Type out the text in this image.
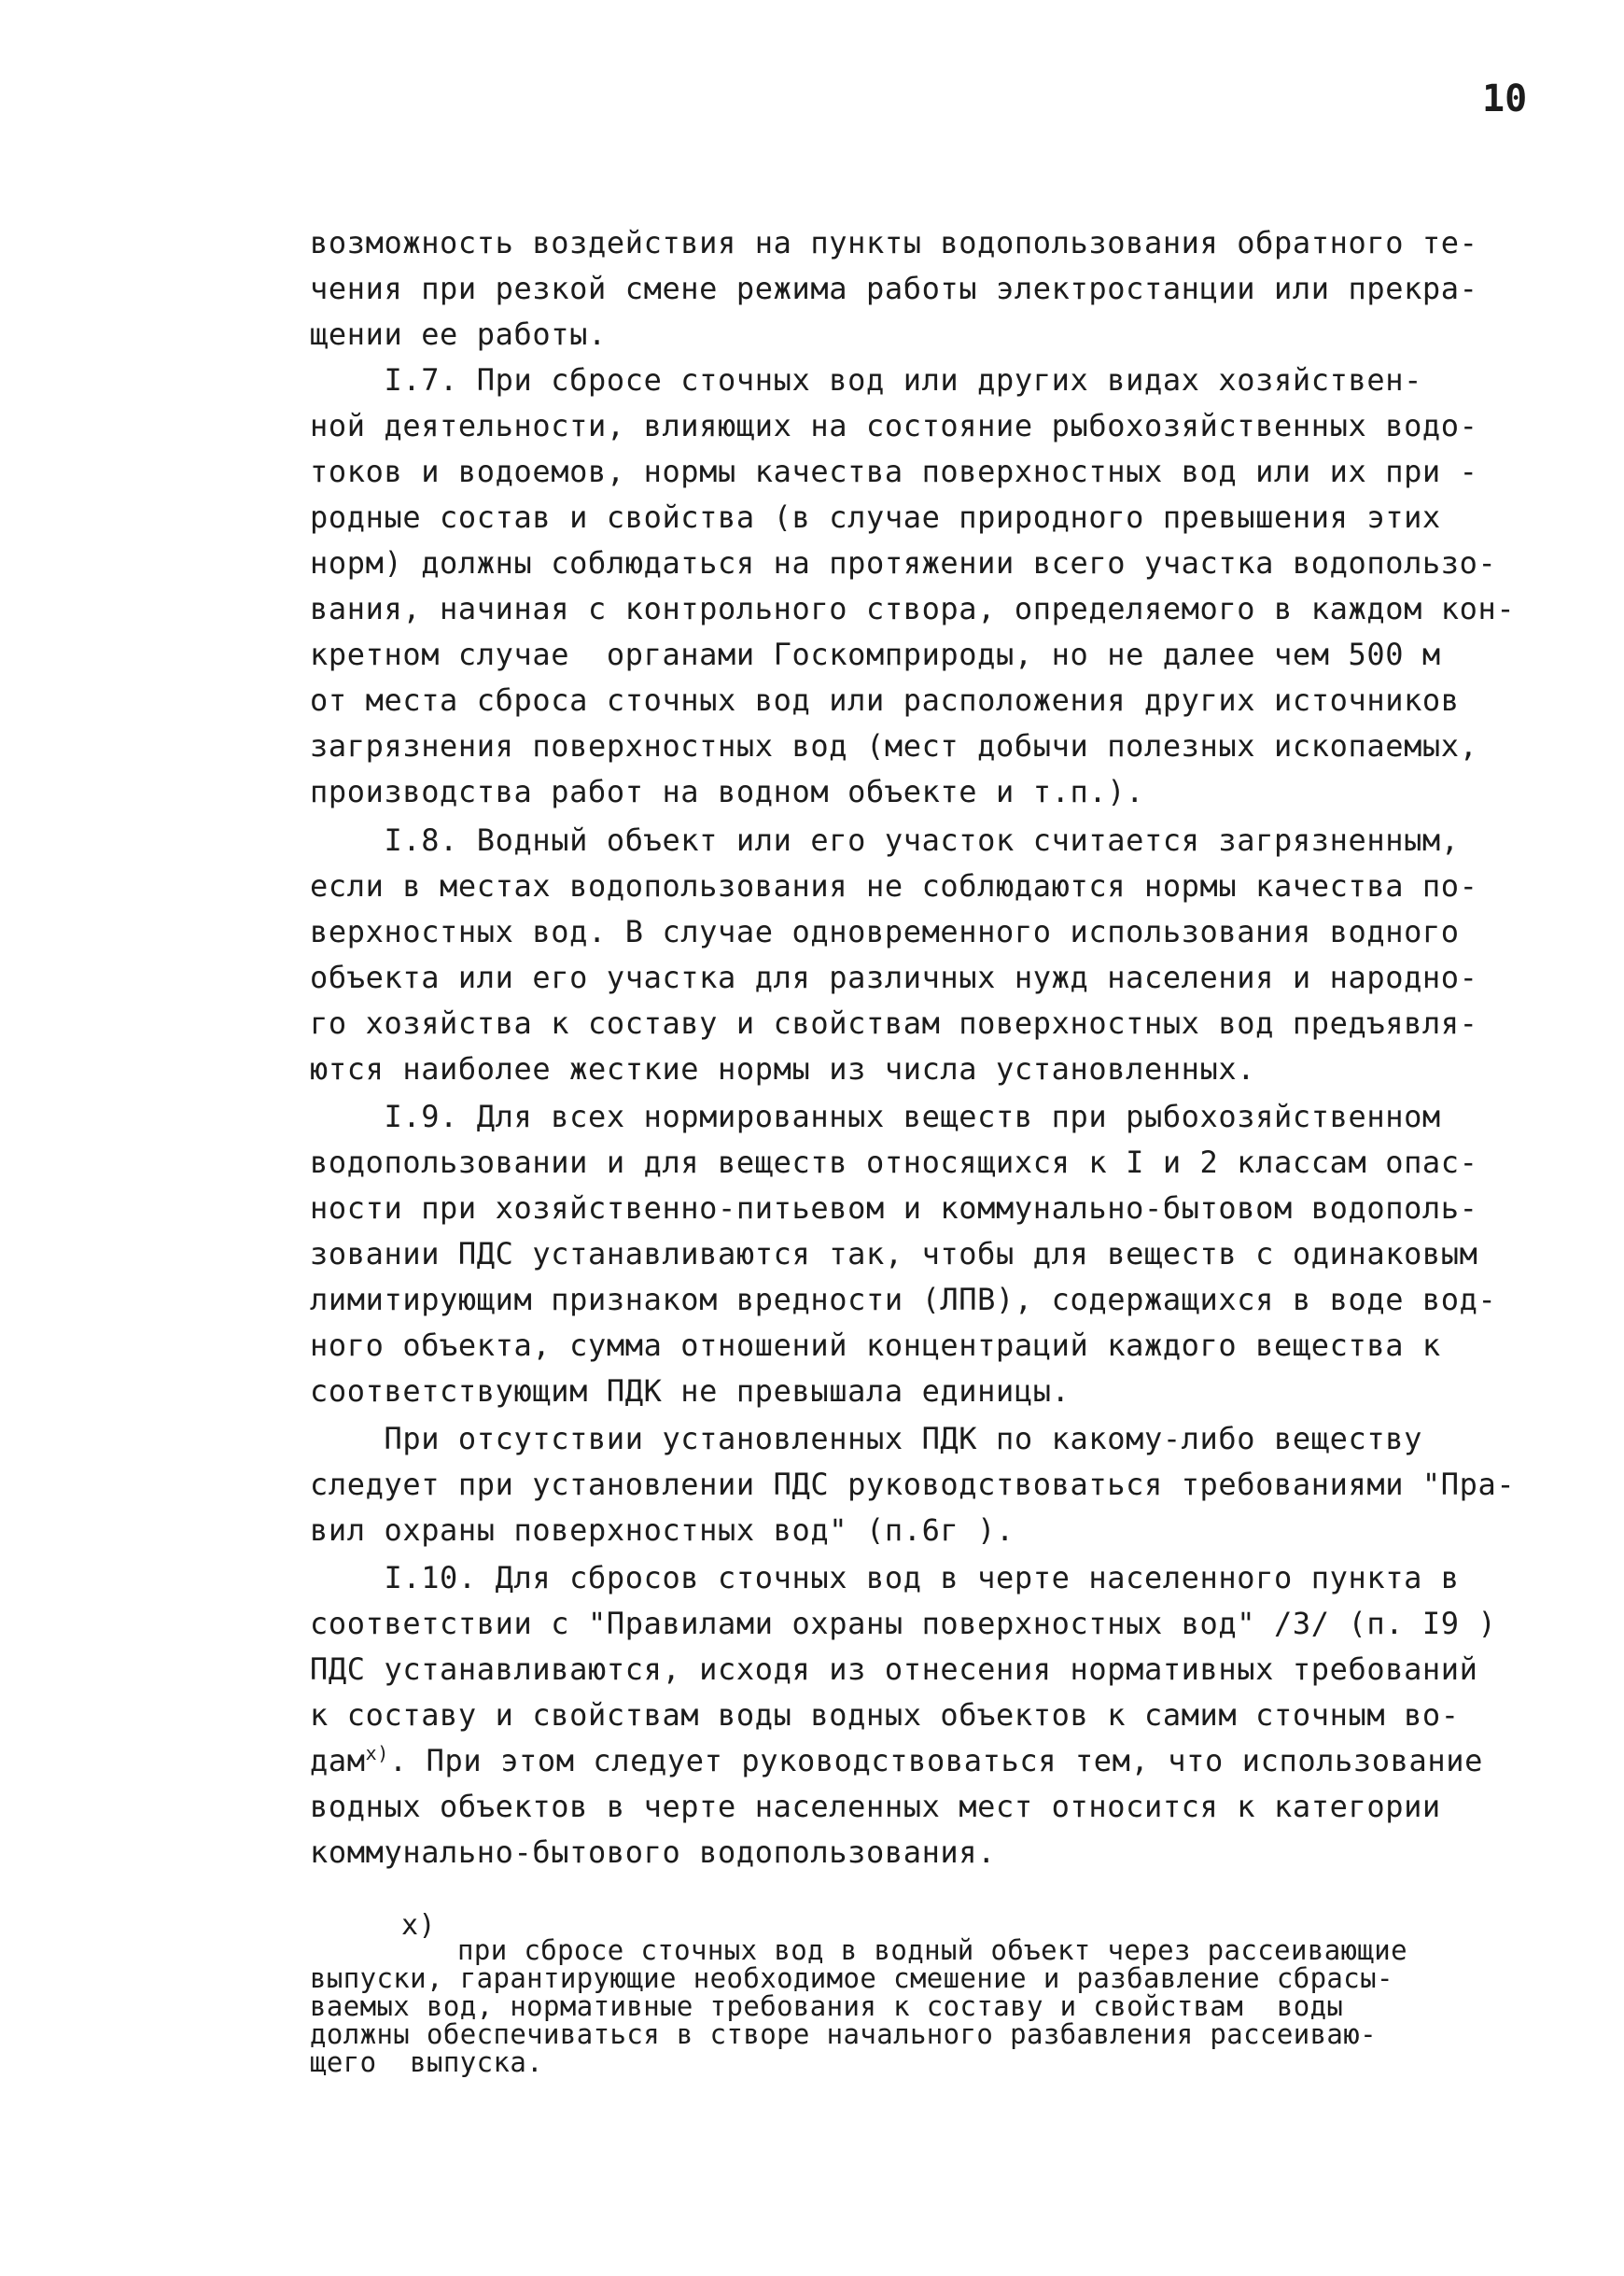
10
возможность воздействия на пункты водопользования обратного те-
чения при резкой смене режима работы электростанции или прекра-
щении ее работы.
I.7. При сбросе сточных вод или других видах хозяйствен-
ной деятельности, влияющих на состояние рыбохозяйственных водо-
токов и водоемов, нормы качества поверхностных вод или их при -
родные состав и свойства (в случае природного превышения этих
норм) должны соблюдаться на протяжении всего участка водопользо-
вания, начиная с контрольного створа, определяемого в каждом кон-
кретном случае  органами Госкомприроды, но не далее чем 500 м
от места сброса сточных вод или расположения других источников
загрязнения поверхностных вод (мест добычи полезных ископаемых,
производства работ на водном объекте и т.п.).
I.8. Водный объект или его участок считается загрязненным,
если в местах водопользования не соблюдаются нормы качества по-
верхностных вод. В случае одновременного использования водного
объекта или его участка для различных нужд населения и народно-
го хозяйства к составу и свойствам поверхностных вод предъявля-
ются наиболее жесткие нормы из числа установленных.
I.9. Для всех нормированных веществ при рыбохозяйственном
водопользовании и для веществ относящихся к I и 2 классам опас-
ности при хозяйственно-питьевом и коммунально-бытовом водополь-
зовании ПДС устанавливаются так, чтобы для веществ с одинаковым
лимитирующим признаком вредности (ЛПВ), содержащихся в воде вод-
ного объекта, сумма отношений концентраций каждого вещества к
соответствующим ПДК не превышала единицы.
При отсутствии установленных ПДК по какому-либо веществу
следует при установлении ПДС руководствоваться требованиями "Пра-
вил охраны поверхностных вод" (п.6г ).
I.10. Для сбросов сточных вод в черте населенного пункта в
соответствии с "Правилами охраны поверхностных вод" /3/ (п. I9 )
ПДС устанавливаются, исходя из отнесения нормативных требований
к составу и свойствам воды водных объектов к самим сточным во-
дам$^{x)}$. При этом следует руководствоваться тем, что использование
водных объектов в черте населенных мест относится к категории
коммунально-бытового водопользования.
x)
при сбросе сточных вод в водный объект через рассеивающие
выпуски, гарантирующие необходимое смешение и разбавление сбрасы-
ваемых вод, нормативные требования к составу и свойствам  воды
должны обеспечиваться в створе начального разбавления рассеиваю-
щего  выпуска.
